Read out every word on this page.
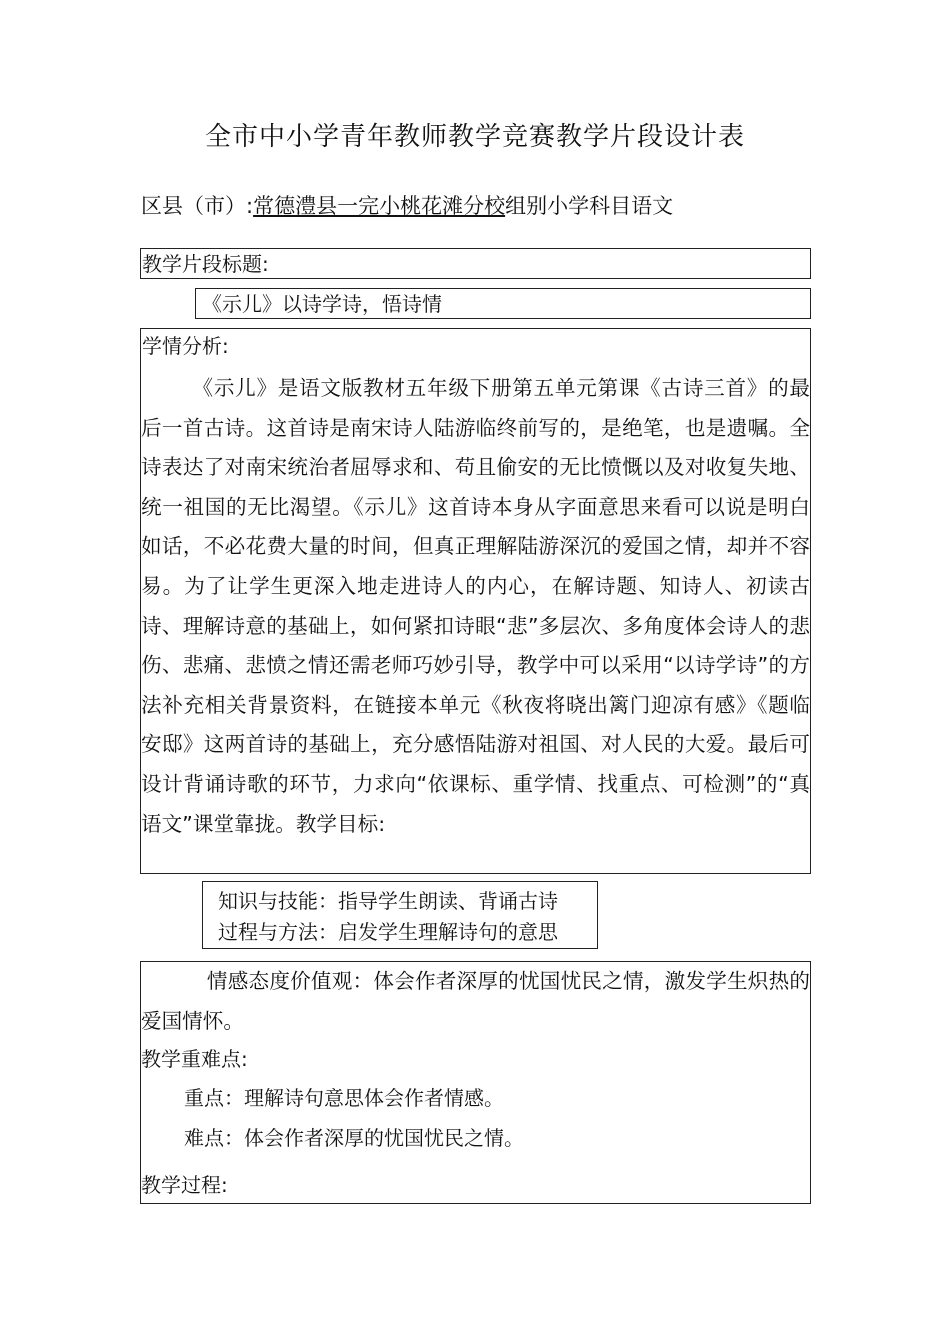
全市中小学青年教师教学竞赛教学片段设计表
区县（市）:常德澧县一完小桃花滩分校组别小学科目语文
教学片段标题:
《示儿》以诗学诗，悟诗情
学情分析:

《示儿》是语文版教材五年级下册第五单元第课《古诗三首》的最后一首古诗。这首诗是南宋诗人陆游临终前写的，是绝笔，也是遗嘱。全诗表达了对南宋统治者屈辱求和、苟且偷安的无比愤慨以及对收复失地、统一祖国的无比渴望。《示儿》这首诗本身从字面意思来看可以说是明白如话，不必花费大量的时间，但真正理解陆游深沉的爱国之情，却并不容易。为了让学生更深入地走进诗人的内心，在解诗题、知诗人、初读古诗、理解诗意的基础上，如何紧扣诗眼“悲”多层次、多角度体会诗人的悲伤、悲痛、悲愤之情还需老师巧妙引导，教学中可以采用“以诗学诗”的方法补充相关背景资料，在链接本单元《秋夜将晓出篱门迎凉有感》《题临安邸》这两首诗的基础上，充分感悟陆游对祖国、对人民的大爱。最后可设计背诵诗歌的环节，力求向“依课标、重学情、找重点、可检测”的“真语文”课堂靠拢。教学目标:

知识与技能：指导学生朗读、背诵古诗
过程与方法：启发学生理解诗句的意思

情感态度价值观：体会作者深厚的忧国忧民之情，激发学生炽热的爱国情怀。

教学重难点:
重点：理解诗句意思体会作者情感。
难点：体会作者深厚的忧国忧民之情。
教学过程:
